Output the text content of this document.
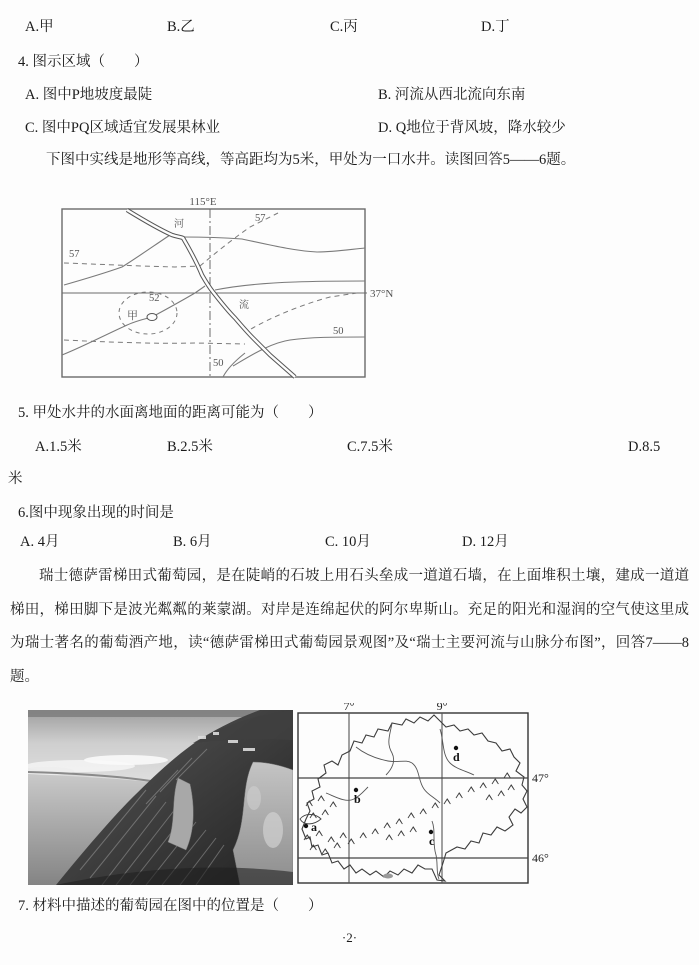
A.甲	B.乙	C.丙	D.丁
4. 图示区域（　　）
A. 图中P地坡度最陡	B. 河流从西北流向东南
C. 图中PQ区域适宜发展果林业	D. Q地位于背风坡，降水较少
下图中实线是地形等高线，等高距均为5米，甲处为一口水井。读图回答5——6题。
115°E
37°N
甲
57
57
52
50
50
河
流
5. 甲处水井的水面离地面的距离可能为（　　）
A.1.5米	B.2.5米	C.7.5米	D.8.5
米
6.图中现象出现的时间是
A. 4月	B. 6月	C. 10月	D. 12月
瑞士德萨雷梯田式葡萄园，是在陡峭的石坡上用石头垒成一道道石墙，在上面堆积土壤，建成一道道梯田，梯田脚下是波光粼粼的莱蒙湖。对岸是连绵起伏的阿尔卑斯山。充足的阳光和湿润的空气使这里成为瑞士著名的葡萄酒产地，读“德萨雷梯田式葡萄园景观图”及“瑞士主要河流与山脉分布图”，回答7——8题。
7°	9°
47°
46°
a
b
c
d
7. 材料中描述的葡萄园在图中的位置是（　　）
·2·
